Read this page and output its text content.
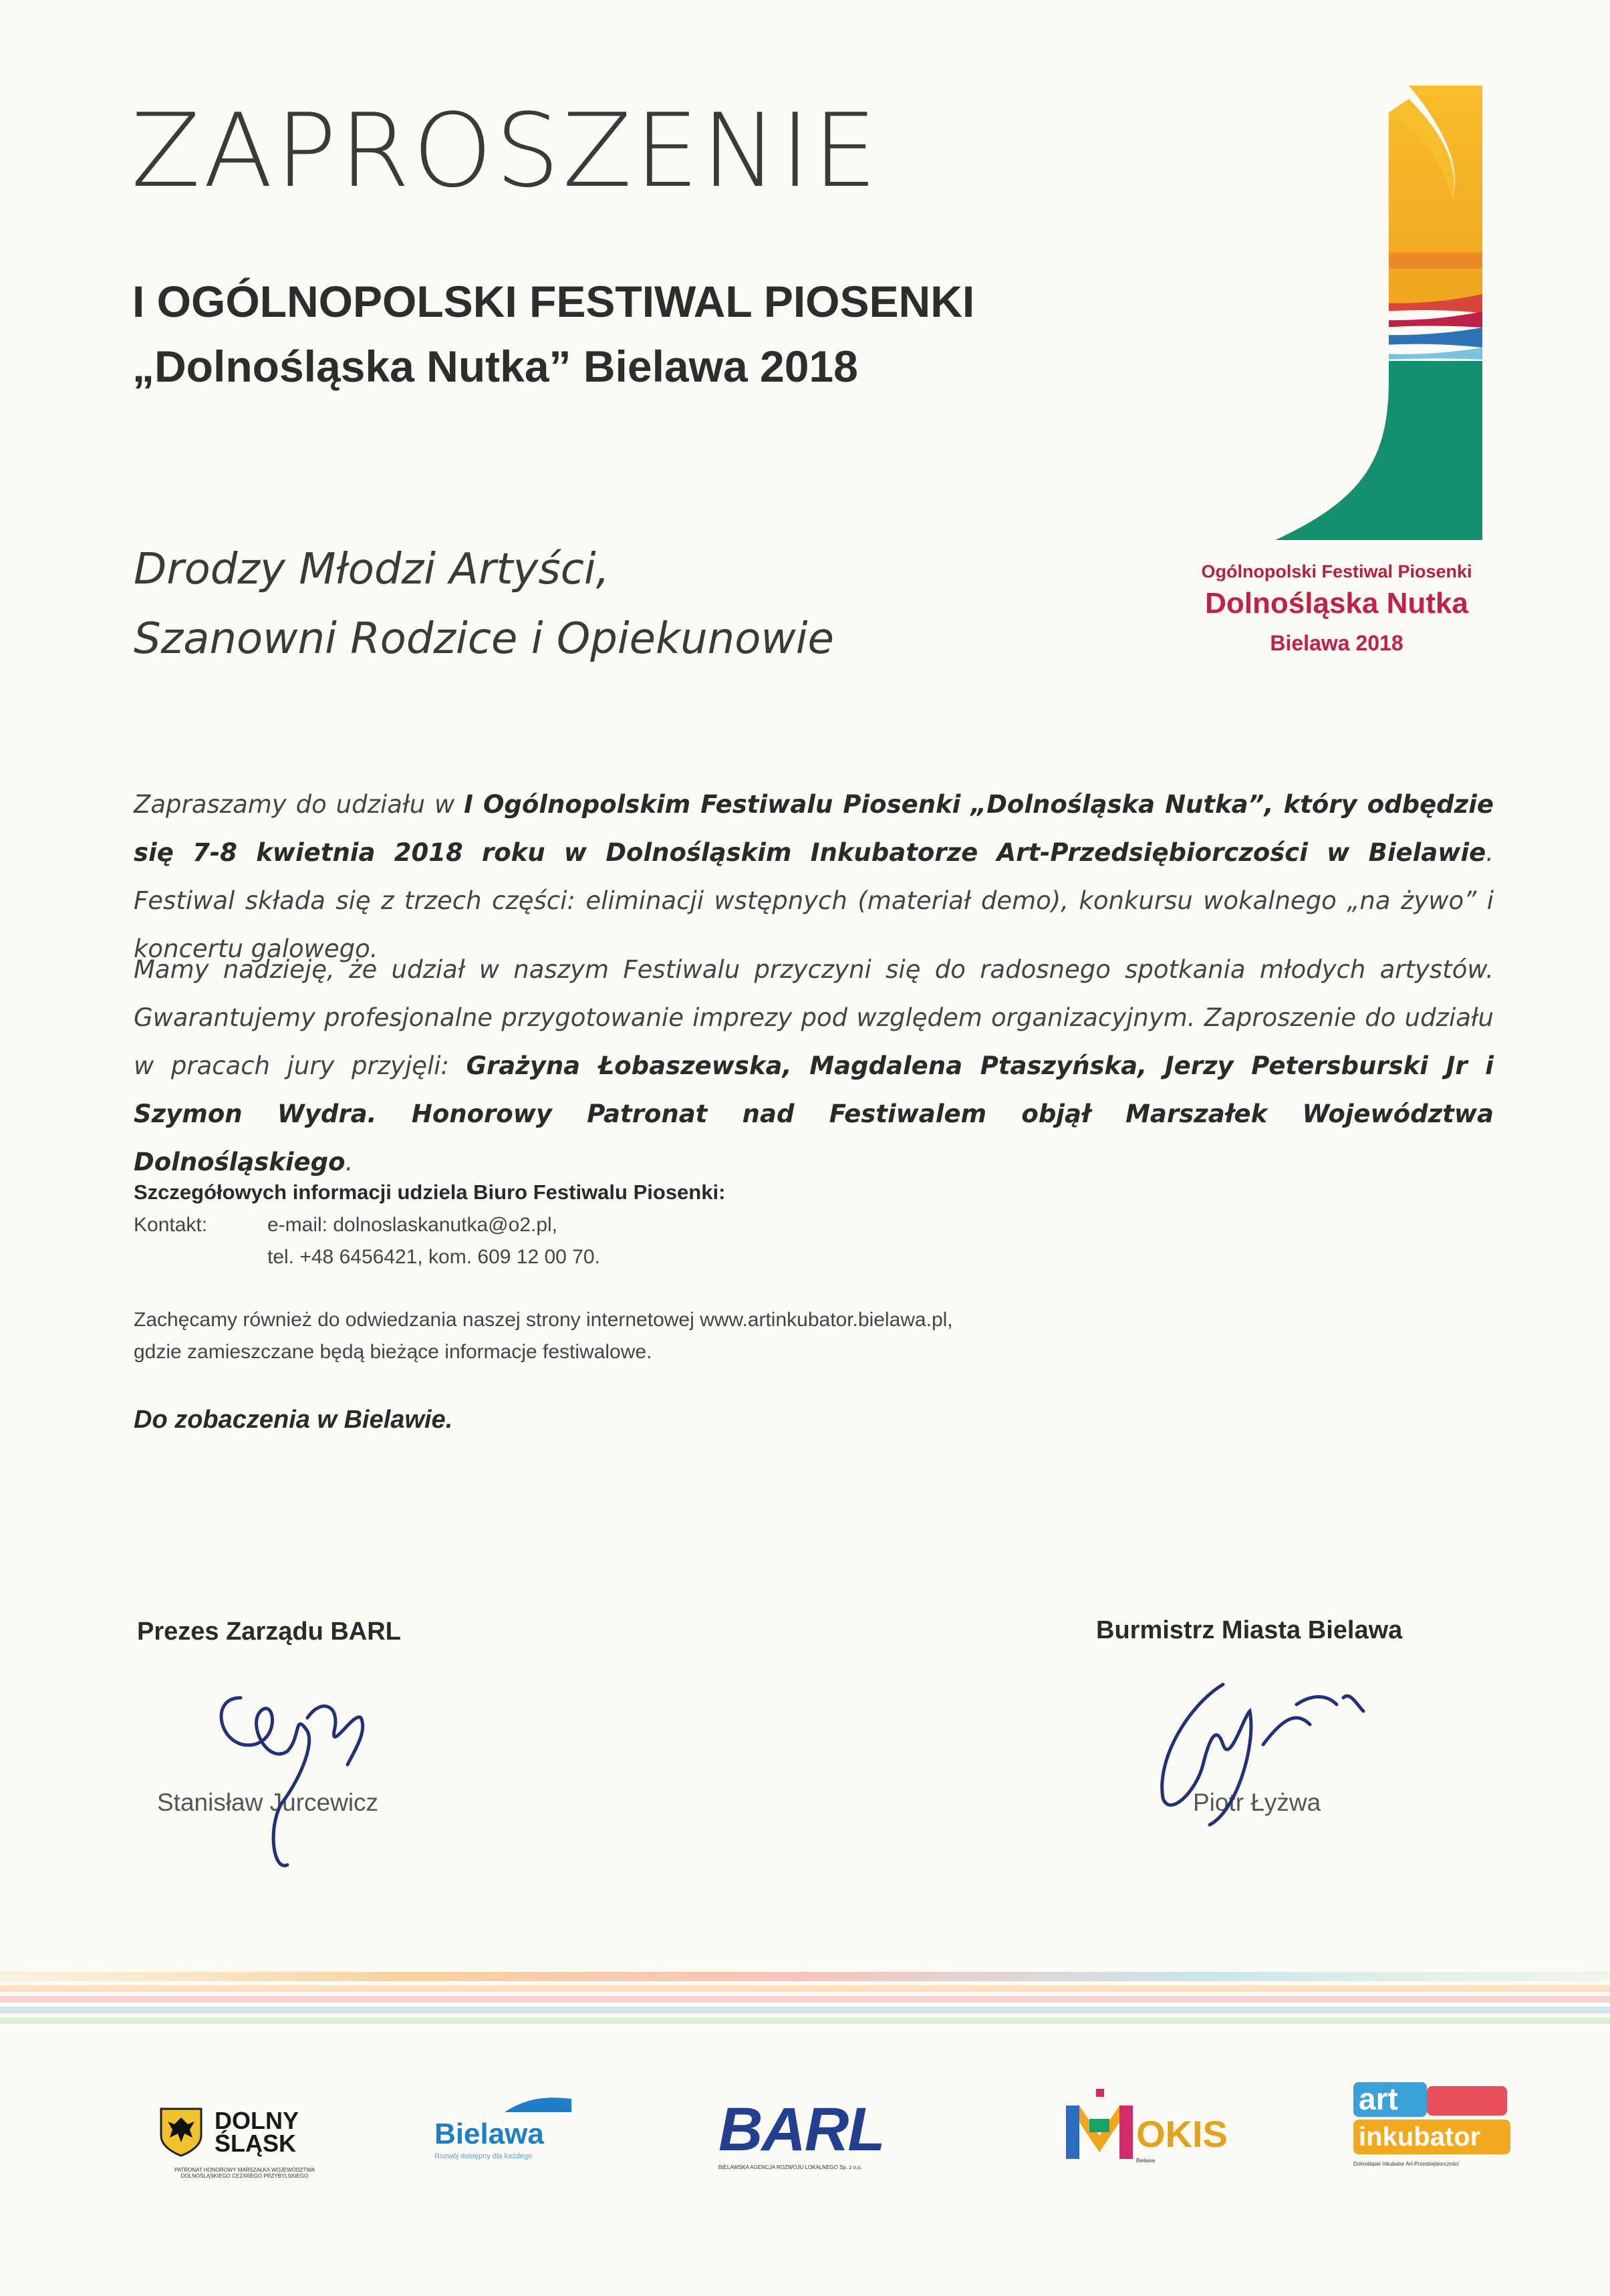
ZAPROSZENIE
I OGÓLNOPOLSKI FESTIWAL PIOSENKI
„Dolnośląska Nutka” Bielawa 2018
Drodzy Młodzi Artyści,
Szanowni Rodzice i Opiekunowie
Ogólnopolski Festiwal Piosenki
Dolnośląska Nutka
Bielawa 2018
Zapraszamy do udziału w I Ogólnopolskim Festiwalu Piosenki „Dolnośląska Nutka”, który odbędzie się 7-8 kwietnia 2018 roku w Dolnośląskim Inkubatorze Art-Przedsiębiorczości w Bielawie. Festiwal składa się z trzech części: eliminacji wstępnych (materiał demo), konkursu wokalnego „na żywo” i koncertu galowego.
Mamy nadzieję, że udział w naszym Festiwalu przyczyni się do radosnego spotkania młodych artystów. Gwarantujemy profesjonalne przygotowanie imprezy pod względem organizacyjnym. Zaproszenie do udziału w pracach jury przyjęli: Grażyna Łobaszewska, Magdalena Ptaszyńska, Jerzy Petersburski Jr i Szymon Wydra. Honorowy Patronat nad Festiwalem objął Marszałek Województwa Dolnośląskiego.
Szczegółowych informacji udziela Biuro Festiwalu Piosenki:
Kontakt:	e-mail: dolnoslaskanutka@o2.pl,
tel. +48 6456421, kom. 609 12 00 70.
Zachęcamy również do odwiedzania naszej strony internetowej www.artinkubator.bielawa.pl,
gdzie zamieszczane będą bieżące informacje festiwalowe.
Do zobaczenia w Bielawie.
Prezes Zarządu BARL	Burmistrz Miasta Bielawa
Stanisław Jurcewicz	Piotr Łyżwa
DOLNY
ŚLĄSK
PATRONAT HONOROWY MARSZAŁKA WOJEWÓDZTWA DOLNOŚLĄSKIEGO CEZAREGO PRZYBYLSKIEGO
Bielawa
Rozwój dostępny dla każdego	BARL
BIELAWSKA AGENCJA ROZWOJU LOKALNEGO Sp. z o.o.
OKIS
Bielawa
art
inkubator
Dolnośląski Inkubator Art-Przedsiębiorczości
